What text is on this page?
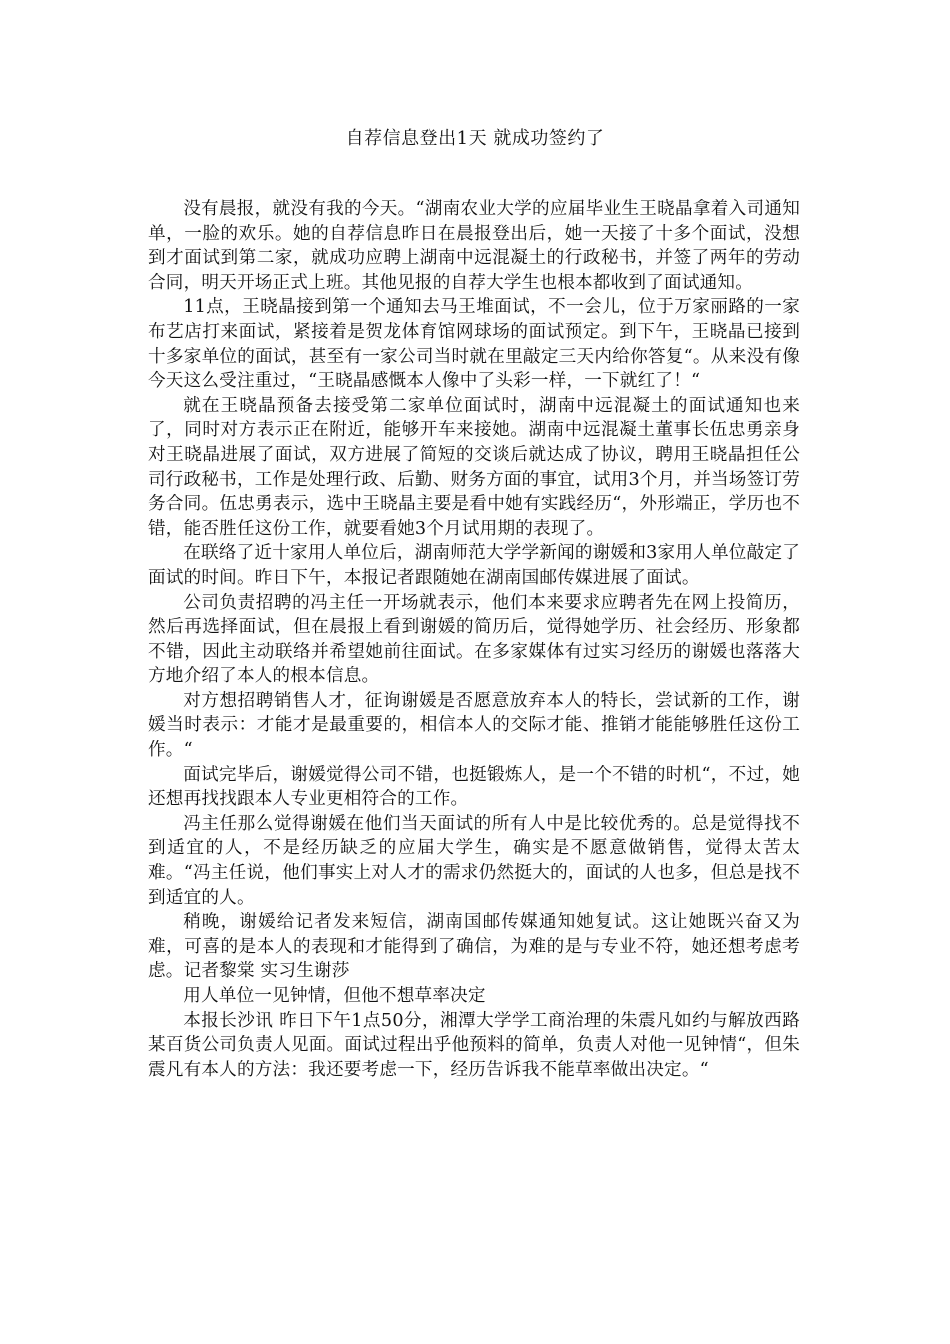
自荐信息登出1天 就成功签约了

没有晨报，就没有我的今天。“湖南农业大学的应届毕业生王晓晶拿着入司通知单，一脸的欢乐。她的自荐信息昨日在晨报登出后，她一天接了十多个面试，没想到才面试到第二家，就成功应聘上湖南中远混凝土的行政秘书，并签了两年的劳动合同，明天开场正式上班。其他见报的自荐大学生也根本都收到了面试通知。

11点，王晓晶接到第一个通知去马王堆面试，不一会儿，位于万家丽路的一家布艺店打来面试，紧接着是贺龙体育馆网球场的面试预定。到下午，王晓晶已接到十多家单位的面试，甚至有一家公司当时就在里敲定三天内给你答复“。从来没有像今天这么受注重过，“王晓晶感慨本人像中了头彩一样，一下就红了！“

就在王晓晶预备去接受第二家单位面试时，湖南中远混凝土的面试通知也来了，同时对方表示正在附近，能够开车来接她。湖南中远混凝土董事长伍忠勇亲身对王晓晶进展了面试，双方进展了简短的交谈后就达成了协议，聘用王晓晶担任公司行政秘书，工作是处理行政、后勤、财务方面的事宜，试用3个月，并当场签订劳务合同。伍忠勇表示，选中王晓晶主要是看中她有实践经历“，外形端正，学历也不错，能否胜任这份工作，就要看她3个月试用期的表现了。

在联络了近十家用人单位后，湖南师范大学学新闻的谢媛和3家用人单位敲定了面试的时间。昨日下午，本报记者跟随她在湖南国邮传媒进展了面试。

公司负责招聘的冯主任一开场就表示，他们本来要求应聘者先在网上投简历，然后再选择面试，但在晨报上看到谢媛的简历后，觉得她学历、社会经历、形象都不错，因此主动联络并希望她前往面试。在多家媒体有过实习经历的谢媛也落落大方地介绍了本人的根本信息。

对方想招聘销售人才，征询谢媛是否愿意放弃本人的特长，尝试新的工作，谢媛当时表示：才能才是最重要的，相信本人的交际才能、推销才能能够胜任这份工作。“

面试完毕后，谢媛觉得公司不错，也挺锻炼人，是一个不错的时机“，不过，她还想再找找跟本人专业更相符合的工作。

冯主任那么觉得谢媛在他们当天面试的所有人中是比较优秀的。总是觉得找不到适宜的人，不是经历缺乏的应届大学生，确实是不愿意做销售，觉得太苦太难。“冯主任说，他们事实上对人才的需求仍然挺大的，面试的人也多，但总是找不到适宜的人。

稍晚，谢媛给记者发来短信，湖南国邮传媒通知她复试。这让她既兴奋又为难，可喜的是本人的表现和才能得到了确信，为难的是与专业不符，她还想考虑考虑。记者黎棠 实习生谢莎

用人单位一见钟情，但他不想草率决定

本报长沙讯 昨日下午1点50分，湘潭大学学工商治理的朱震凡如约与解放西路某百货公司负责人见面。面试过程出乎他预料的简单，负责人对他一见钟情“，但朱震凡有本人的方法：我还要考虑一下，经历告诉我不能草率做出决定。“
